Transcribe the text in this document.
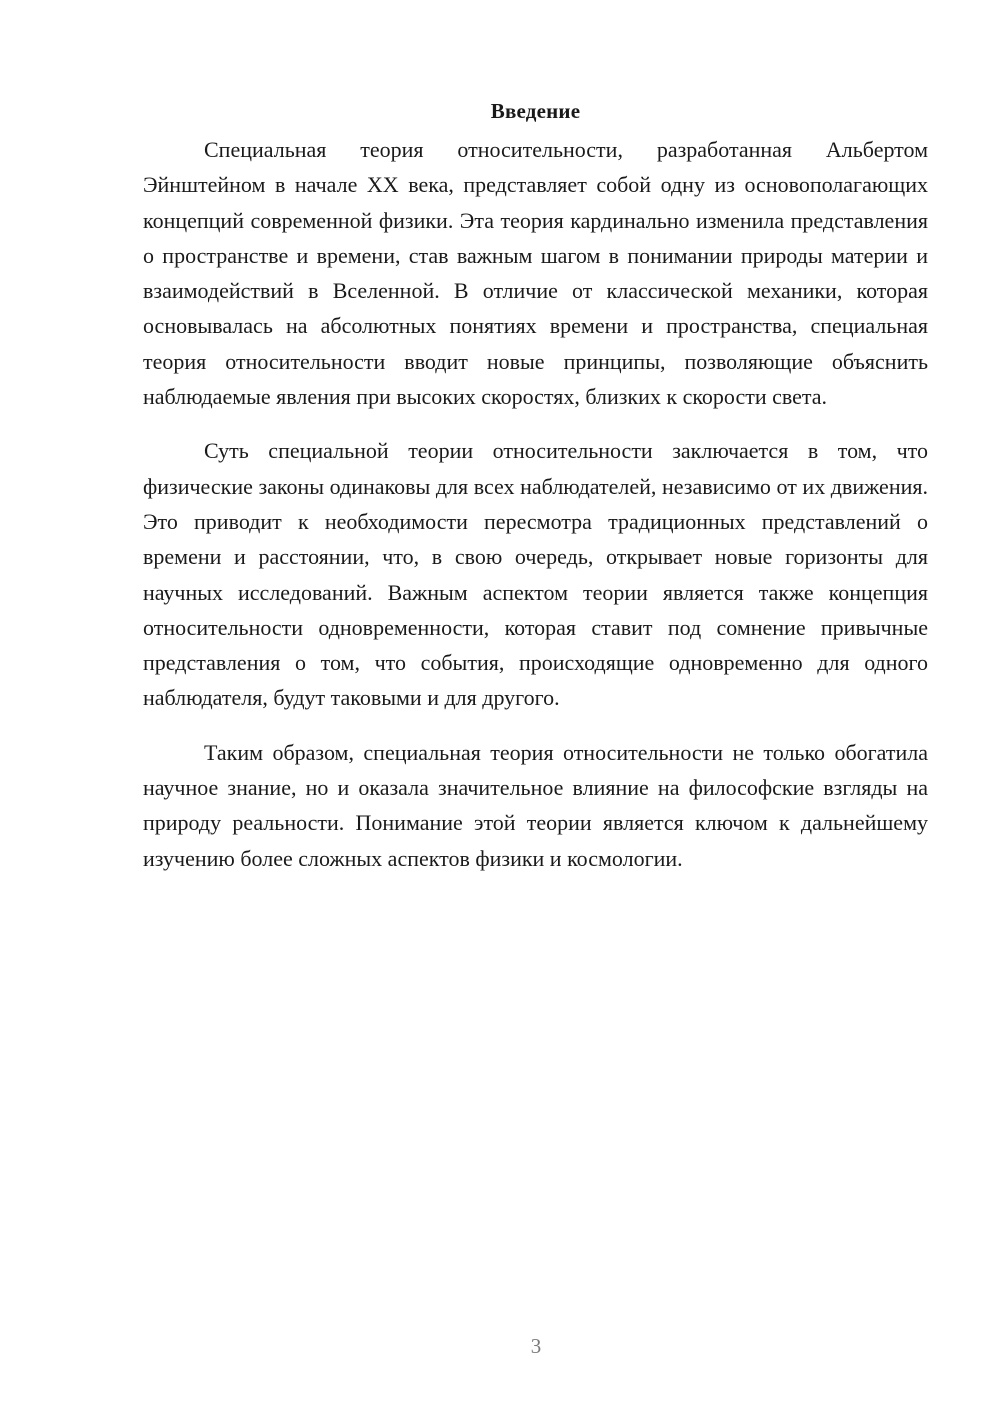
Введение

Специальная теория относительности, разработанная Альбертом Эйнштейном в начале XX века, представляет собой одну из основополагающих концепций современной физики. Эта теория кардинально изменила представления о пространстве и времени, став важным шагом в понимании природы материи и взаимодействий в Вселенной. В отличие от классической механики, которая основывалась на абсолютных понятиях времени и пространства, специальная теория относительности вводит новые принципы, позволяющие объяснить наблюдаемые явления при высоких скоростях, близких к скорости света.

Суть специальной теории относительности заключается в том, что физические законы одинаковы для всех наблюдателей, независимо от их движения. Это приводит к необходимости пересмотра традиционных представлений о времени и расстоянии, что, в свою очередь, открывает новые горизонты для научных исследований. Важным аспектом теории является также концепция относительности одновременности, которая ставит под сомнение привычные представления о том, что события, происходящие одновременно для одного наблюдателя, будут таковыми и для другого.

Таким образом, специальная теория относительности не только обогатила научное знание, но и оказала значительное влияние на философские взгляды на природу реальности. Понимание этой теории является ключом к дальнейшему изучению более сложных аспектов физики и космологии.

3
